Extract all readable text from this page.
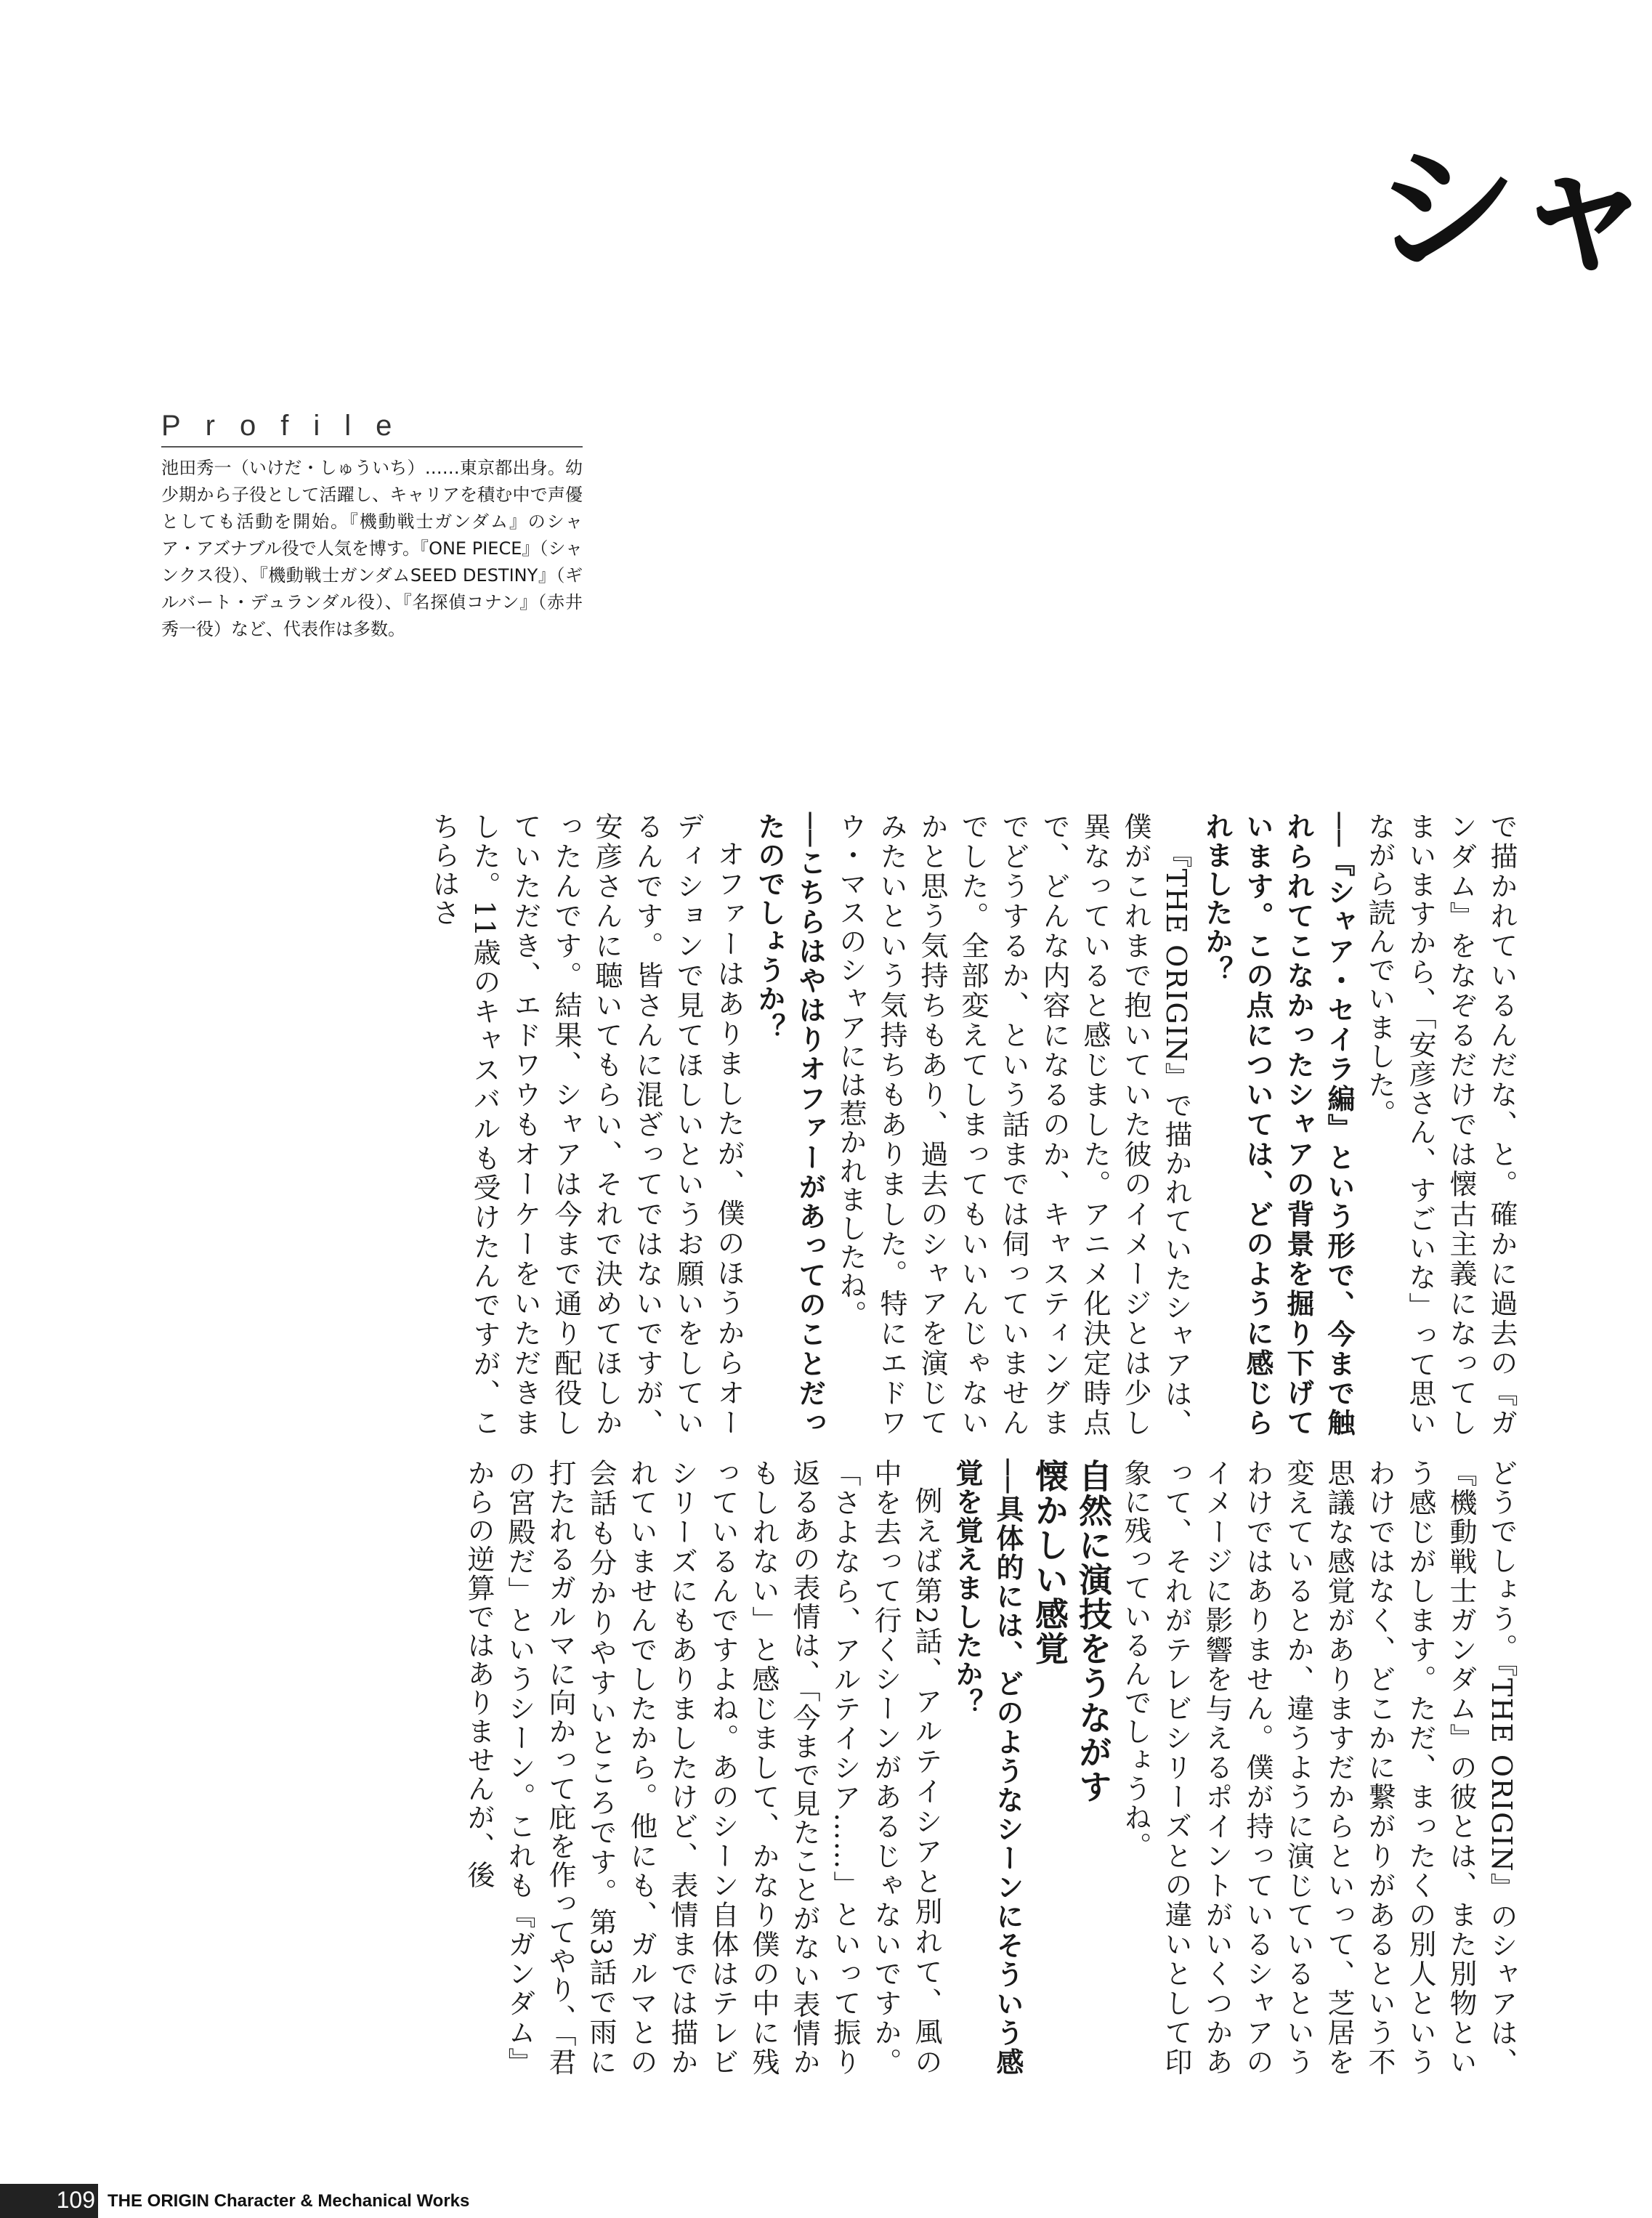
シャ
Profile
池田秀一（いけだ・しゅういち）……東京都出身。幼少期から子役として活躍し、キャリアを積む中で声優としても活動を開始。『機動戦士ガンダム』のシャア・アズナブル役で人気を博す。『ONE PIECE』（シャンクス役）、『機動戦士ガンダムSEED DESTINY』（ギルバート・デュランダル役）、『名探偵コナン』（赤井秀一役）など、代表作は多数。
で描かれているんだな、と。確かに過去の『ガンダム』をなぞるだけでは懐古主義になってしまいますから、「安彦さん、すごいな」って思いながら読んでいました。
──『シャア・セイラ編』という形で、今まで触れられてこなかったシャアの背景を掘り下げています。この点については、どのように感じられましたか？
『THE ORIGIN』で描かれていたシャアは、僕がこれまで抱いていた彼のイメージとは少し異なっていると感じました。アニメ化決定時点で、どんな内容になるのか、キャスティングまでどうするか、という話までは伺っていませんでした。全部変えてしまってもいいんじゃないかと思う気持ちもあり、過去のシャアを演じてみたいという気持ちもありました。特にエドワウ・マスのシャアには惹かれましたね。
──こちらはやはりオファーがあってのことだったのでしょうか？
オファーはありましたが、僕のほうからオーディションで見てほしいというお願いをしているんです。皆さんに混ざってではないですが、安彦さんに聴いてもらい、それで決めてほしかったんです。結果、シャアは今まで通り配役していただき、エドワウもオーケーをいただきました。11歳のキャスバルも受けたんですが、こちらはさ
どうでしょう。『THE ORIGIN』のシャアは、『機動戦士ガンダム』の彼とは、また別物という感じがします。ただ、まったくの別人というわけではなく、どこかに繋がりがあるという不思議な感覚がありますだからといって、芝居を変えているとか、違うように演じているというわけではありません。僕が持っているシャアのイメージに影響を与えるポイントがいくつかあって、それがテレビシリーズとの違いとして印象に残っているんでしょうね。
自然に演技をうながす
懐かしい感覚
──具体的には、どのようなシーンにそういう感覚を覚えましたか？
例えば第2話、アルテイシアと別れて、風の中を去って行くシーンがあるじゃないですか。「さよなら、アルテイシア……」といって振り返るあの表情は、「今まで見たことがない表情かもしれない」と感じまして、かなり僕の中に残っているんですよね。あのシーン自体はテレビシリーズにもありましたけど、表情までは描かれていませんでしたから。他にも、ガルマとの会話も分かりやすいところです。第3話で雨に打たれるガルマに向かって庇を作ってやり、「君の宮殿だ」というシーン。これも『ガンダム』からの逆算ではありませんが、後
109 THE ORIGIN Character & Mechanical Works
